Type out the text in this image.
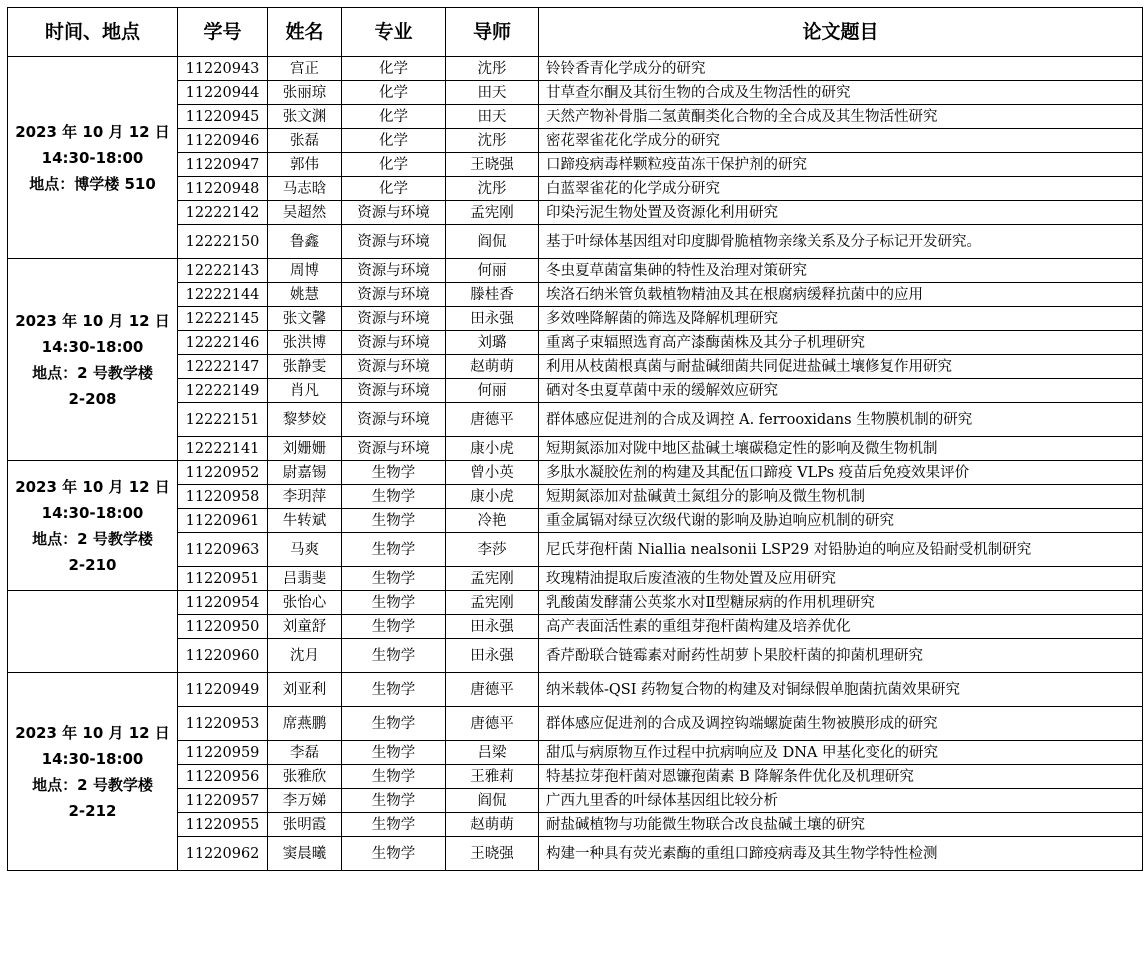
时间、地点	学号	姓名	专业	导师	论文题目

2023 年 10 月 12 日
14:30-18:00
地点：博学楼 510	11220943	宫正	化学	沈彤	铃铃香青化学成分的研究
	11220944	张丽琼	化学	田天	甘草查尔酮及其衍生物的合成及生物活性的研究
	11220945	张文渊	化学	田天	天然产物补骨脂二氢黄酮类化合物的全合成及其生物活性研究
	11220946	张磊	化学	沈彤	密花翠雀花化学成分的研究
	11220947	郭伟	化学	王晓强	口蹄疫病毒样颗粒疫苗冻干保护剂的研究
	11220948	马志晗	化学	沈彤	白蓝翠雀花的化学成分研究
	12222142	吴超然	资源与环境	孟宪刚	印染污泥生物处置及资源化利用研究
	12222150	鲁鑫	资源与环境	阎侃	基于叶绿体基因组对印度脚骨脆植物亲缘关系及分子标记开发研究。

2023 年 10 月 12 日
14:30-18:00
地点：2 号教学楼
2-208	12222143	周博	资源与环境	何丽	冬虫夏草菌富集砷的特性及治理对策研究
	12222144	姚慧	资源与环境	滕桂香	埃洛石纳米管负载植物精油及其在根腐病缓释抗菌中的应用
	12222145	张文馨	资源与环境	田永强	多效唑降解菌的筛选及降解机理研究
	12222146	张洪博	资源与环境	刘璐	重离子束辐照选育高产漆酶菌株及其分子机理研究
	12222147	张静雯	资源与环境	赵萌萌	利用从枝菌根真菌与耐盐碱细菌共同促进盐碱土壤修复作用研究
	12222149	肖凡	资源与环境	何丽	硒对冬虫夏草菌中汞的缓解效应研究
	12222151	黎梦姣	资源与环境	唐德平	群体感应促进剂的合成及调控 A. ferrooxidans 生物膜机制的研究
	12222141	刘姗姗	资源与环境	康小虎	短期氮添加对陇中地区盐碱土壤碳稳定性的影响及微生物机制

2023 年 10 月 12 日
14:30-18:00
地点：2 号教学楼
2-210	11220952	尉嘉锡	生物学	曾小英	多肽水凝胶佐剂的构建及其配伍口蹄疫 VLPs 疫苗后免疫效果评价
	11220958	李玥萍	生物学	康小虎	短期氮添加对盐碱黄土氮组分的影响及微生物机制
	11220961	牛转斌	生物学	冷艳	重金属镉对绿豆次级代谢的影响及胁迫响应机制的研究
	11220963	马爽	生物学	李莎	尼氏芽孢杆菌 Niallia nealsonii LSP29 对铅胁迫的响应及铅耐受机制研究
	11220951	吕翡斐	生物学	孟宪刚	玫瑰精油提取后废渣液的生物处置及应用研究

	11220954	张怡心	生物学	孟宪刚	乳酸菌发酵蒲公英浆水对Ⅱ型糖尿病的作用机理研究
	11220950	刘童舒	生物学	田永强	高产表面活性素的重组芽孢杆菌构建及培养优化
	11220960	沈月	生物学	田永强	香芹酚联合链霉素对耐药性胡萝卜果胶杆菌的抑菌机理研究

2023 年 10 月 12 日
14:30-18:00
地点：2 号教学楼
2-212	11220949	刘亚利	生物学	唐德平	纳米载体-QSI 药物复合物的构建及对铜绿假单胞菌抗菌效果研究
	11220953	席燕鹏	生物学	唐德平	群体感应促进剂的合成及调控钩端螺旋菌生物被膜形成的研究
	11220959	李磊	生物学	吕梁	甜瓜与病原物互作过程中抗病响应及 DNA 甲基化变化的研究
	11220956	张雅欣	生物学	王雅莉	特基拉芽孢杆菌对恩镰孢菌素 B 降解条件优化及机理研究
	11220957	李万娣	生物学	阎侃	广西九里香的叶绿体基因组比较分析
	11220955	张明霞	生物学	赵萌萌	耐盐碱植物与功能微生物联合改良盐碱土壤的研究
	11220962	窦晨曦	生物学	王晓强	构建一种具有荧光素酶的重组口蹄疫病毒及其生物学特性检测
